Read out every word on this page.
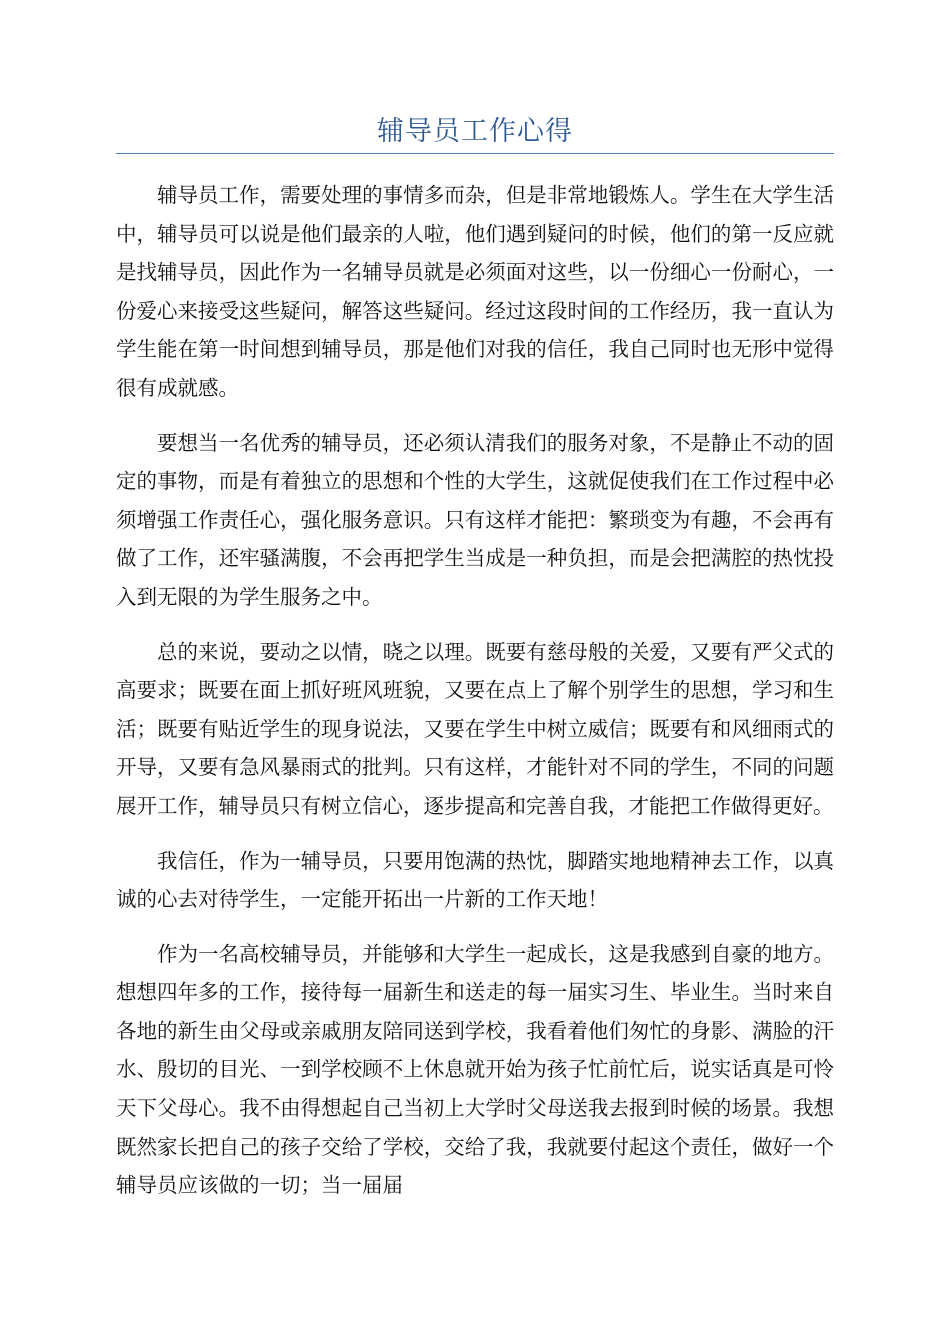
辅导员工作心得

辅导员工作，需要处理的事情多而杂，但是非常地锻炼人。学生在大学生活中，辅导员可以说是他们最亲的人啦，他们遇到疑问的时候，他们的第一反应就是找辅导员，因此作为一名辅导员就是必须面对这些，以一份细心一份耐心，一份爱心来接受这些疑问，解答这些疑问。经过这段时间的工作经历，我一直认为学生能在第一时间想到辅导员，那是他们对我的信任，我自己同时也无形中觉得很有成就感。

要想当一名优秀的辅导员，还必须认清我们的服务对象，不是静止不动的固定的事物，而是有着独立的思想和个性的大学生，这就促使我们在工作过程中必须增强工作责任心，强化服务意识。只有这样才能把：繁琐变为有趣，不会再有做了工作，还牢骚满腹，不会再把学生当成是一种负担，而是会把满腔的热忱投入到无限的为学生服务之中。

总的来说，要动之以情，晓之以理。既要有慈母般的关爱，又要有严父式的高要求；既要在面上抓好班风班貌，又要在点上了解个别学生的思想，学习和生活；既要有贴近学生的现身说法，又要在学生中树立威信；既要有和风细雨式的开导，又要有急风暴雨式的批判。只有这样，才能针对不同的学生，不同的问题展开工作，辅导员只有树立信心，逐步提高和完善自我，才能把工作做得更好。

我信任，作为一辅导员，只要用饱满的热忱，脚踏实地地精神去工作，以真诚的心去对待学生，一定能开拓出一片新的工作天地！

作为一名高校辅导员，并能够和大学生一起成长，这是我感到自豪的地方。想想四年多的工作，接待每一届新生和送走的每一届实习生、毕业生。当时来自各地的新生由父母或亲戚朋友陪同送到学校，我看着他们匆忙的身影、满脸的汗水、殷切的目光、一到学校顾不上休息就开始为孩子忙前忙后，说实话真是可怜天下父母心。我不由得想起自己当初上大学时父母送我去报到时候的场景。我想既然家长把自己的孩子交给了学校，交给了我，我就要付起这个责任，做好一个辅导员应该做的一切；当一届届
